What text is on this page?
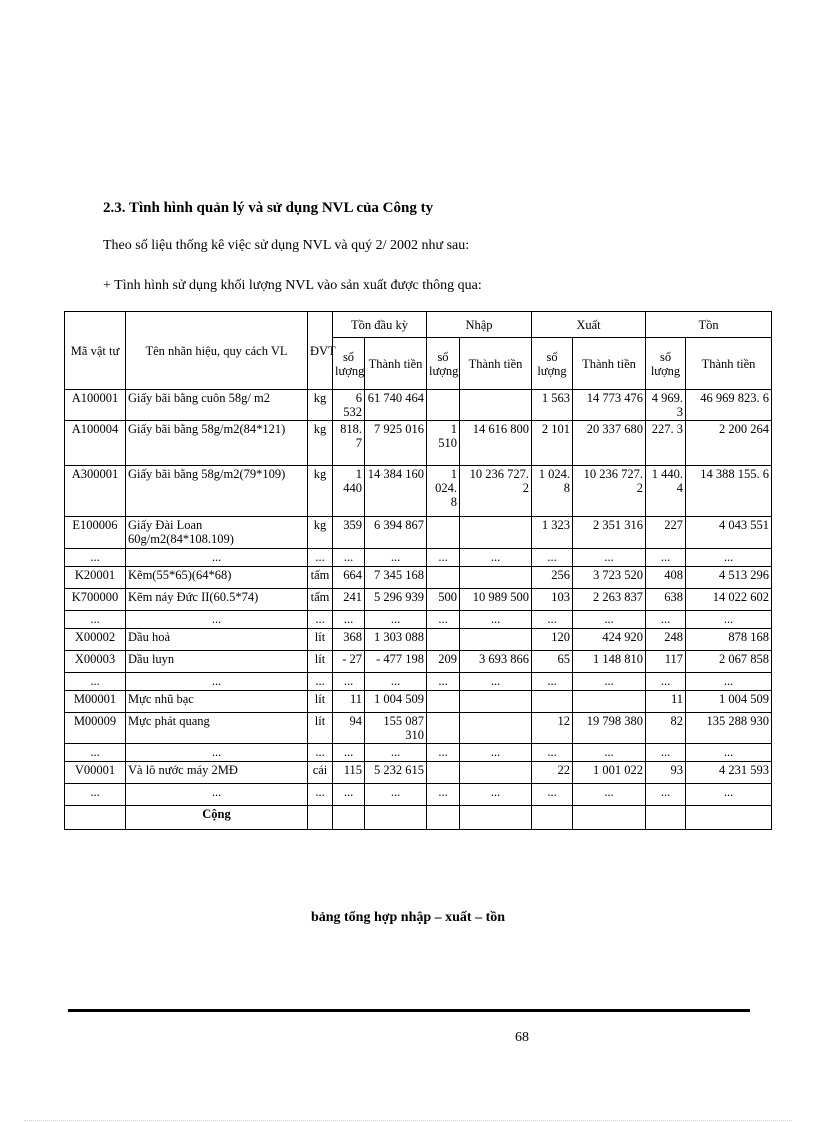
2.3. Tình hình quản lý và sử dụng NVL của Công ty
Theo số liệu thống kê việc sử dụng NVL và quý 2/ 2002 như sau:
+ Tình hình sử dụng khối lượng NVL vào sản xuất được thông qua:
Mã vật tư	Tên nhãn hiệu, quy cách VL	ĐVT	Tồn đầu kỳ		Nhập		Xuất		Tồn	
			số lượng	Thành tiền	số lượng	Thành tiền	số lượng	Thành tiền	số lượng	Thành tiền
A100001	Giấy bãi bằng cuôn 58g/ m2	kg	6 532	61 740 464			1 563	14 773 476	4 969. 3	46 969 823. 6
A100004	Giấy bãi bằng 58g/m2(84*121)	kg	818. 7	7 925 016	1 510	14 616 800	2 101	20 337 680	227. 3	2 200 264
A300001	Giấy bãi bằng 58g/m2(79*109)	kg	1 440	14 384 160	1 024. 8	10 236 727. 2	1 024. 8	10 236 727. 2	1 440. 4	14 388 155. 6
E100006	Giấy Đài Loan 60g/m2(84*108.109)	kg	359	6 394 867			1 323	2 351 316	227	4 043 551
...	...	...	...	...	...	...	...	...	...	...
K20001	Kẽm(55*65)(64*68)	tấm	664	7 345 168			256	3 723 520	408	4 513 296
K700000	Kẽm náy Đức II(60.5*74)	tấm	241	5 296 939	500	10 989 500	103	2 263 837	638	14 022 602
...	...	...	...	...	...	...	...	...	...	...
X00002	Dầu hoả	lít	368	1 303 088			120	424 920	248	878 168
X00003	Dầu luyn	lít	- 27	- 477 198	209	3 693 866	65	1 148 810	117	2 067 858
...	...	...	...	...	...	...	...	...	...	...
M00001	Mực nhũ bạc	lít	11	1 004 509					11	1 004 509
M00009	Mực phát quang	lít	94	155 087 310			12	19 798 380	82	135 288 930
...	...	...	...	...	...	...	...	...	...	...
V00001	Và lô nước máy 2MĐ	cái	115	5 232 615			22	1 001 022	93	4 231 593
...	...	...	...	...	...	...	...	...	...	...
	Cộng									
bảng tổng hợp nhập – xuất – tồn
68
